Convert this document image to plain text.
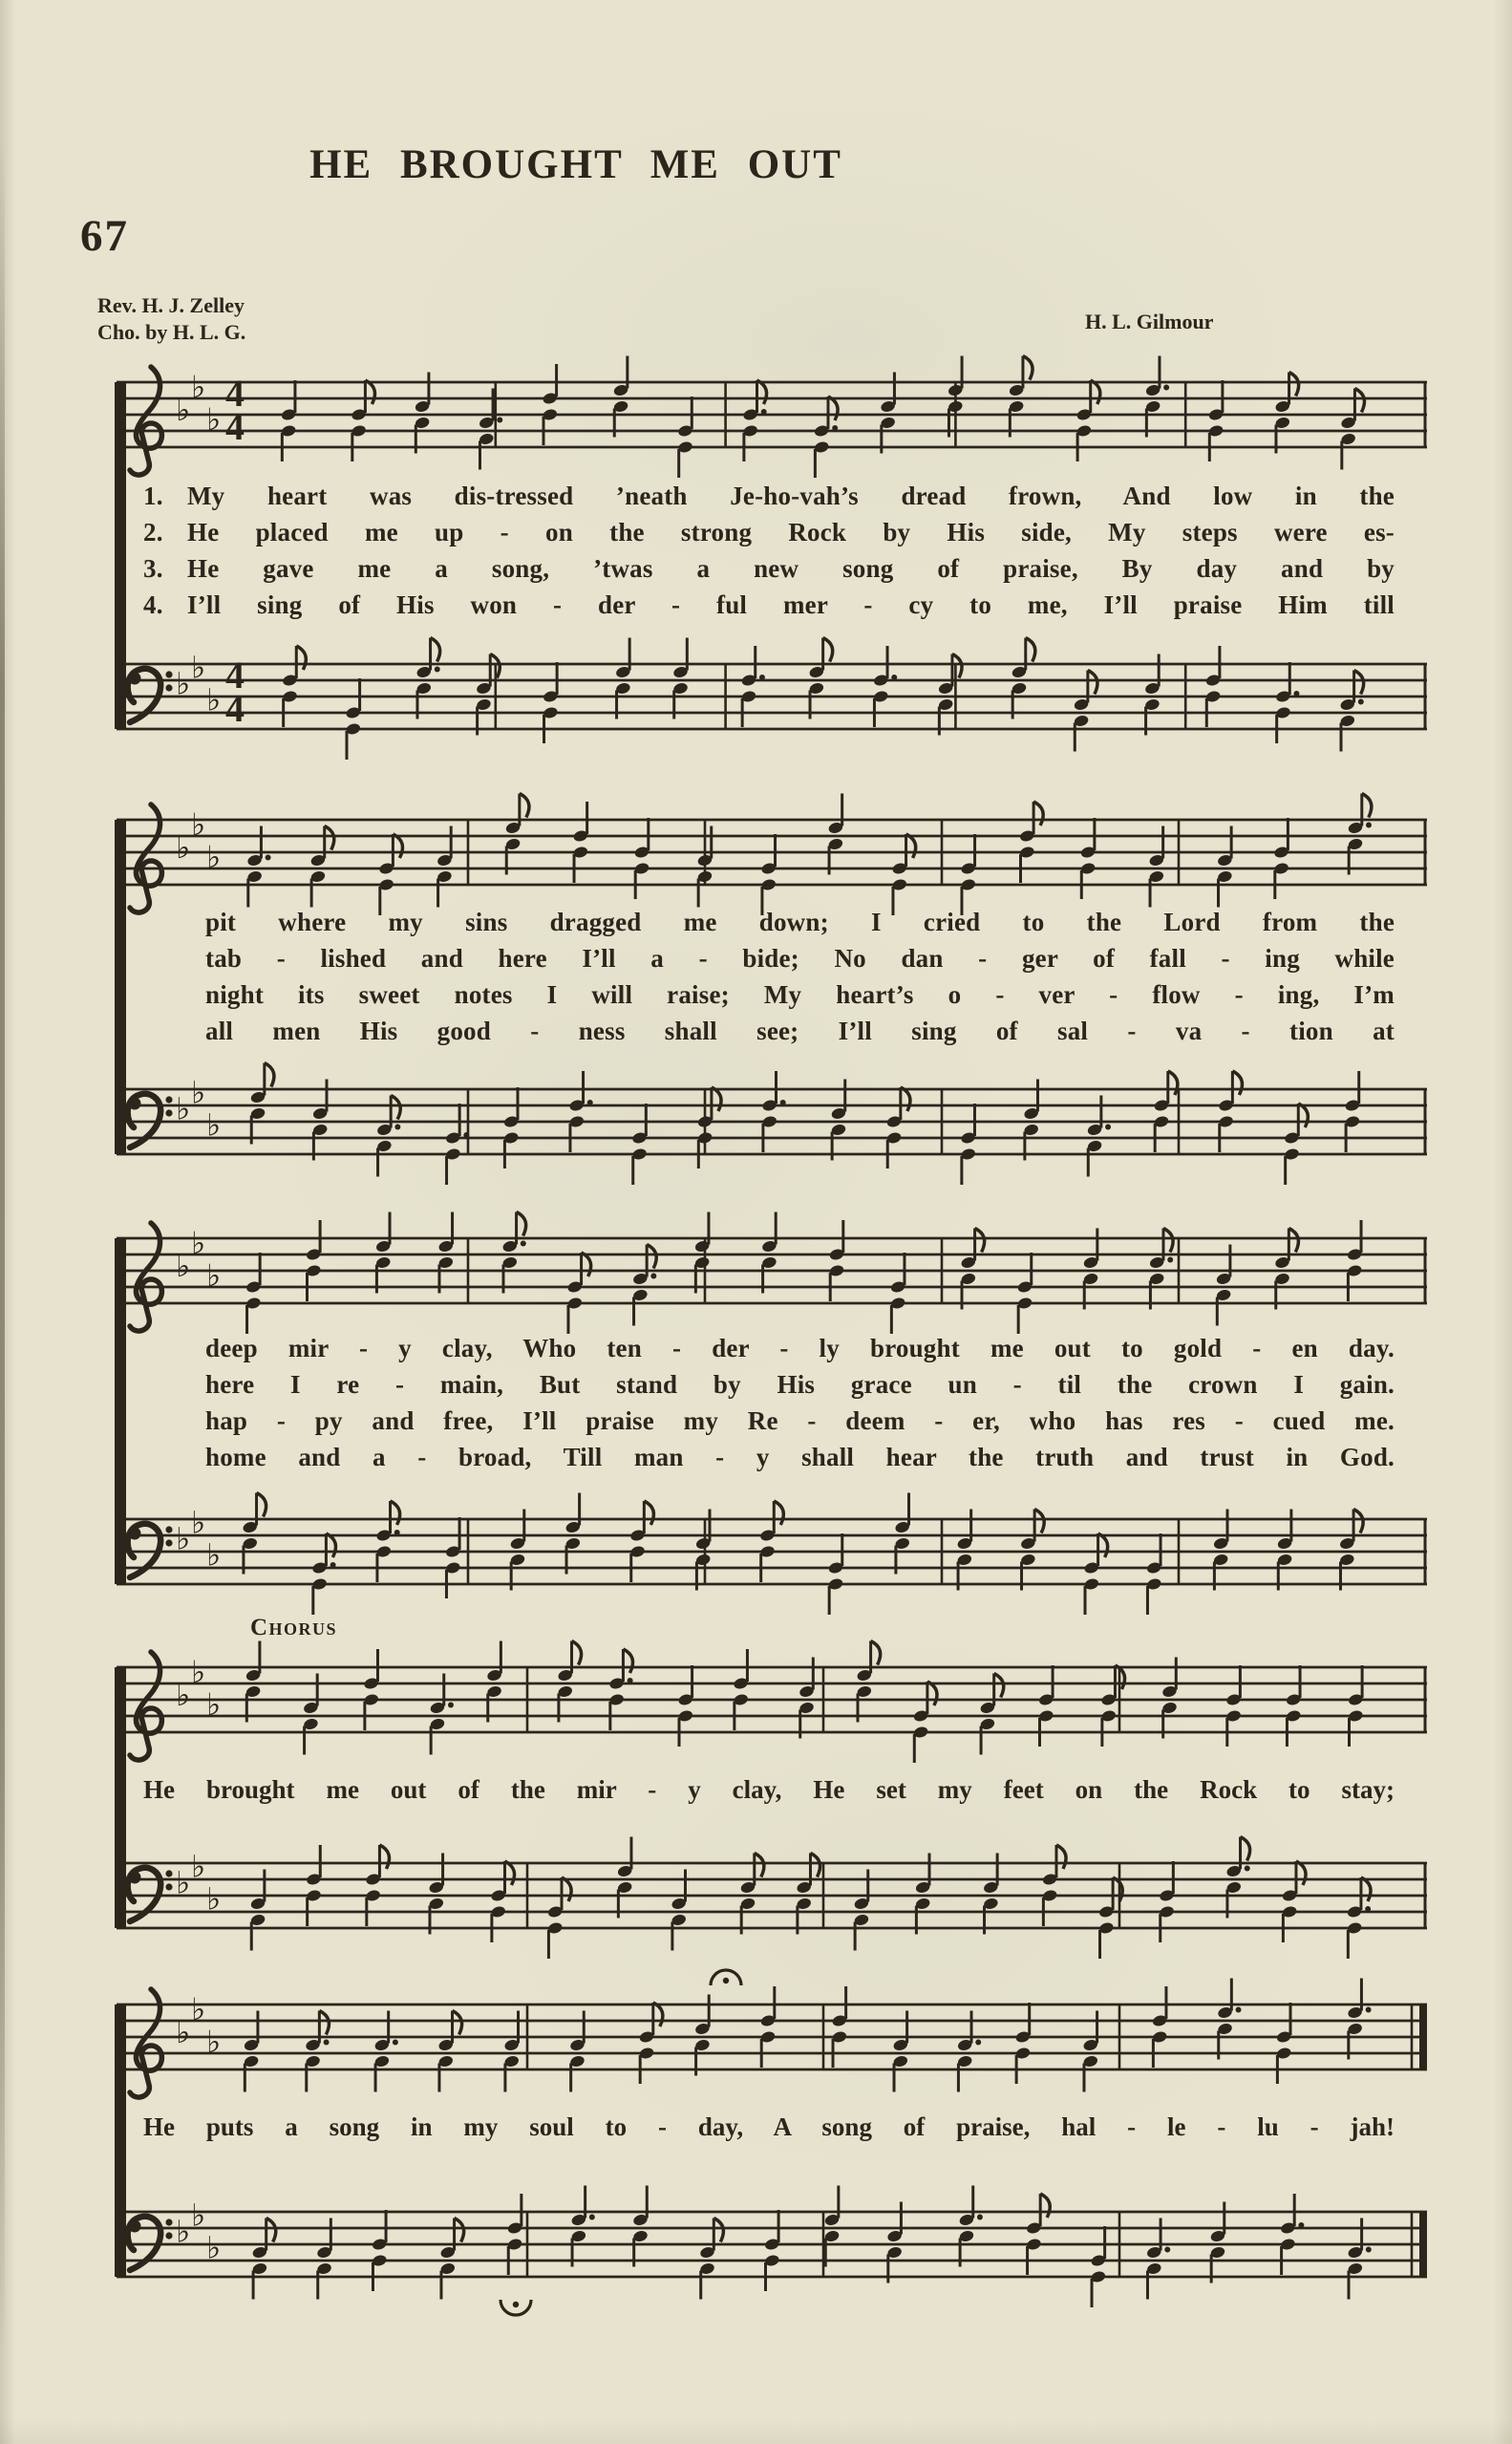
67
HE BROUGHT ME OUT
Rev. H. J. Zelley
Cho. by H. L. G.	H. L. Gilmour
♭
♭
♭
4
4
♭ ♭
♭
4
4
♭
♭
♭
♭ ♭
♭
♭
♭
♭
♭ ♭
♭
♭
♭
♭
♭ ♭
♭
♭
♭
♭
♭ ♭
♭
1. My heart was dis-tressed ’neath Je-ho-vah’s dread frown, And low in the
2. He placed me up - on the strong Rock by His side, My steps were es-
3. He gave me a song, ’twas a new song of praise, By day and by
4. I’ll sing of His won - der - ful mer - cy to me, I’ll praise Him till
pit where my sins dragged me down; I cried to the Lord from the
tab - lished and here I’ll a - bide; No dan - ger of fall - ing while
night its sweet notes I will raise; My heart’s o - ver - flow - ing, I’m
all men His good - ness shall see; I’ll sing of sal - va - tion at
deep mir - y clay, Who ten - der - ly brought me out to gold - en day.
here I re - main, But stand by His grace un - til the crown I gain.
hap - py and free, I’ll praise my Re - deem - er, who has res - cued me.
home and a - broad, Till man - y shall hear the truth and trust in God.
Chorus
He brought me out of the mir - y clay, He set my feet on the Rock to stay;
He puts a song in my soul to - day, A song of praise, hal - le - lu - jah!
